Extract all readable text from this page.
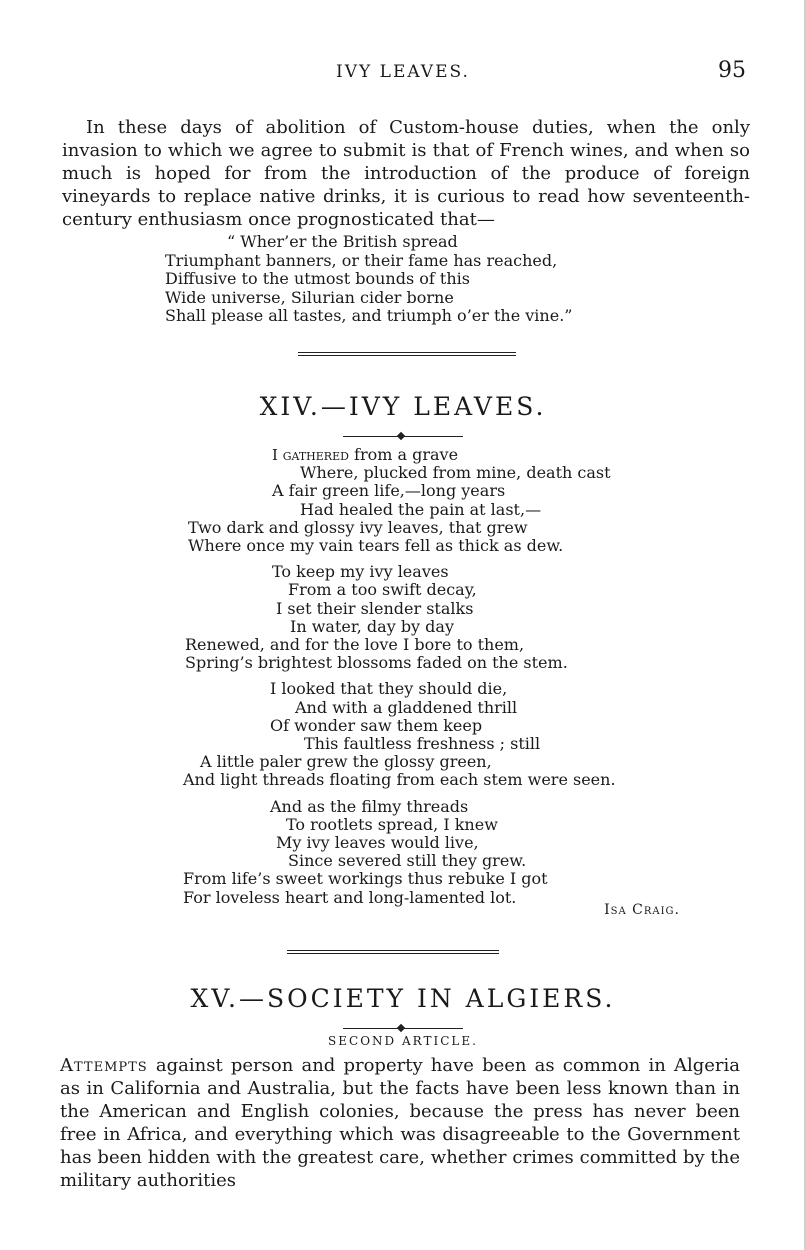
IVY LEAVES.	95

In these days of abolition of Custom-house duties, when the only invasion to which we agree to submit is that of French wines, and when so much is hoped for from the introduction of the produce of foreign vineyards to replace native drinks, it is curious to read how seventeenth-century enthusiasm once prognosticated that—

“ Wher’er the British spread
Triumphant banners, or their fame has reached,
Diffusive to the utmost bounds of this
Wide universe, Silurian cider borne
Shall please all tastes, and triumph o’er the vine.”
XIV.—IVY LEAVES.
I gathered from a grave
Where, plucked from mine, death cast
A fair green life,—long years
Had healed the pain at last,—
Two dark and glossy ivy leaves, that grew
Where once my vain tears fell as thick as dew.
To keep my ivy leaves
From a too swift decay,
I set their slender stalks
In water, day by day
Renewed, and for the love I bore to them,
Spring’s brightest blossoms faded on the stem.
I looked that they should die,
And with a gladdened thrill
Of wonder saw them keep
This faultless freshness ; still
A little paler grew the glossy green,
And light threads floating from each stem were seen.
And as the filmy threads
To rootlets spread, I knew
My ivy leaves would live,
Since severed still they grew.
From life’s sweet workings thus rebuke I got
For loveless heart and long-lamented lot.
Isa Craig.
XV.—SOCIETY IN ALGIERS.
SECOND ARTICLE.

Attempts against person and property have been as common in Algeria as in California and Australia, but the facts have been less known than in the American and English colonies, because the press has never been free in Africa, and everything which was disagreeable to the Government has been hidden with the greatest care, whether crimes committed by the military authorities
